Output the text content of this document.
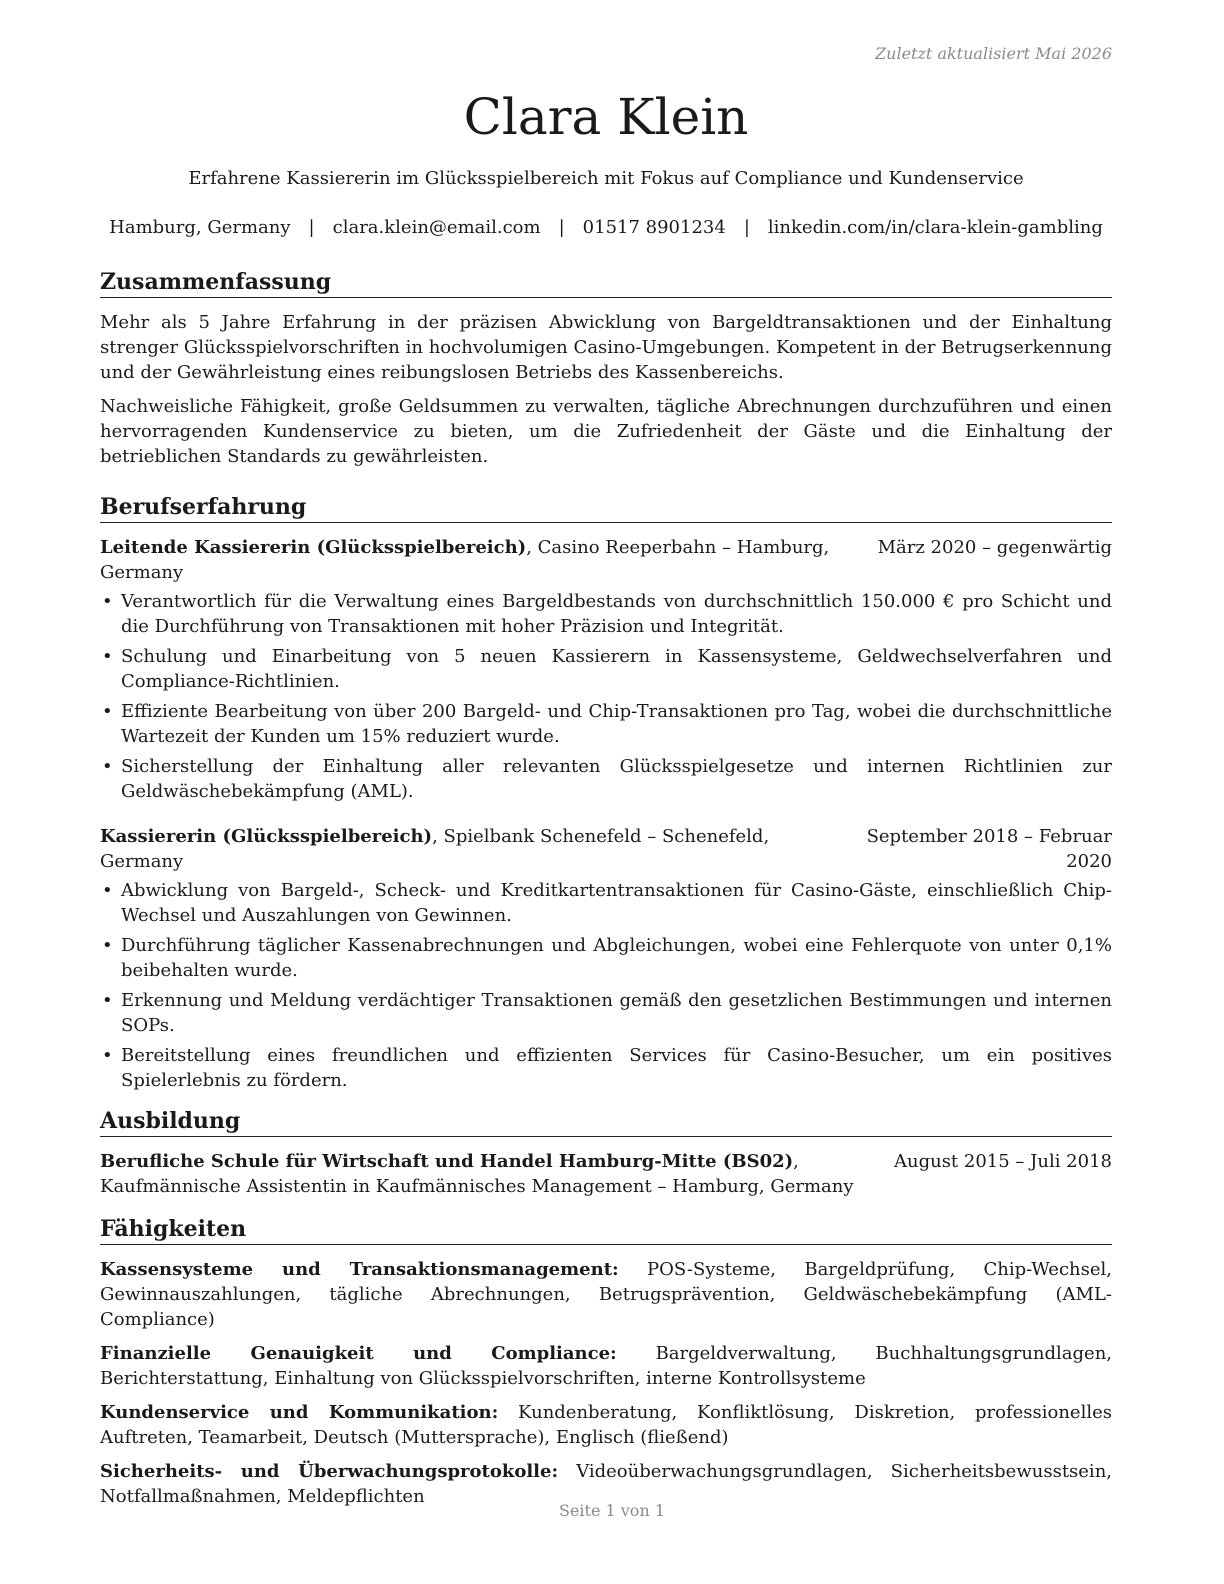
Zuletzt aktualisiert Mai 2026
Clara Klein
Erfahrene Kassiererin im Glücksspielbereich mit Fokus auf Compliance und Kundenservice
Hamburg, Germany | clara.klein@email.com | 01517 8901234 | linkedin.com/in/clara-klein-gambling
Zusammenfassung

Mehr als 5 Jahre Erfahrung in der präzisen Abwicklung von Bargeldtransaktionen und der Einhaltung strenger Glücksspielvorschriften in hochvolumigen Casino-Umgebungen. Kompetent in der Betrugserkennung und der Gewährleistung eines reibungslosen Betriebs des Kassenbereichs.

Nachweisliche Fähigkeit, große Geldsummen zu verwalten, tägliche Abrechnungen durchzuführen und einen hervorragenden Kundenservice zu bieten, um die Zufriedenheit der Gäste und die Einhaltung der betrieblichen Standards zu gewährleisten.

Berufserfahrung
Leitende Kassiererin (Glücksspielbereich), Casino Reeperbahn – Hamburg, Germany
März 2020 – gegenwärtig
• Verantwortlich für die Verwaltung eines Bargeldbestands von durchschnittlich 150.000 € pro Schicht und die Durchführung von Transaktionen mit hoher Präzision und Integrität.
• Schulung und Einarbeitung von 5 neuen Kassierern in Kassensysteme, Geldwechselverfahren und Compliance-Richtlinien.
• Effiziente Bearbeitung von über 200 Bargeld- und Chip-Transaktionen pro Tag, wobei die durchschnittliche Wartezeit der Kunden um 15% reduziert wurde.
• Sicherstellung der Einhaltung aller relevanten Glücksspielgesetze und internen Richtlinien zur Geldwäschebekämpfung (AML).
Kassiererin (Glücksspielbereich), Spielbank Schenefeld – Schenefeld, Germany
September 2018 – Februar 2020
• Abwicklung von Bargeld-, Scheck- und Kreditkartentransaktionen für Casino-Gäste, einschließlich Chip-Wechsel und Auszahlungen von Gewinnen.
• Durchführung täglicher Kassenabrechnungen und Abgleichungen, wobei eine Fehlerquote von unter 0,1% beibehalten wurde.
• Erkennung und Meldung verdächtiger Transaktionen gemäß den gesetzlichen Bestimmungen und internen SOPs.
• Bereitstellung eines freundlichen und effizienten Services für Casino-Besucher, um ein positives Spielerlebnis zu fördern.
Ausbildung
Berufliche Schule für Wirtschaft und Handel Hamburg-Mitte (BS02), Kaufmännische Assistentin in Kaufmännisches Management – Hamburg, Germany
August 2015 – Juli 2018
Fähigkeiten
Kassensysteme und Transaktionsmanagement: POS-Systeme, Bargeldprüfung, Chip-Wechsel, Gewinnauszahlungen, tägliche Abrechnungen, Betrugsprävention, Geldwäschebekämpfung (AML-Compliance)
Finanzielle Genauigkeit und Compliance: Bargeldverwaltung, Buchhaltungsgrundlagen, Berichterstattung, Einhaltung von Glücksspielvorschriften, interne Kontrollsysteme
Kundenservice und Kommunikation: Kundenberatung, Konfliktlösung, Diskretion, professionelles Auftreten, Teamarbeit, Deutsch (Muttersprache), Englisch (fließend)
Sicherheits- und Überwachungsprotokolle: Videoüberwachungsgrundlagen, Sicherheitsbewusstsein, Notfallmaßnahmen, Meldepflichten
Seite 1 von 1
